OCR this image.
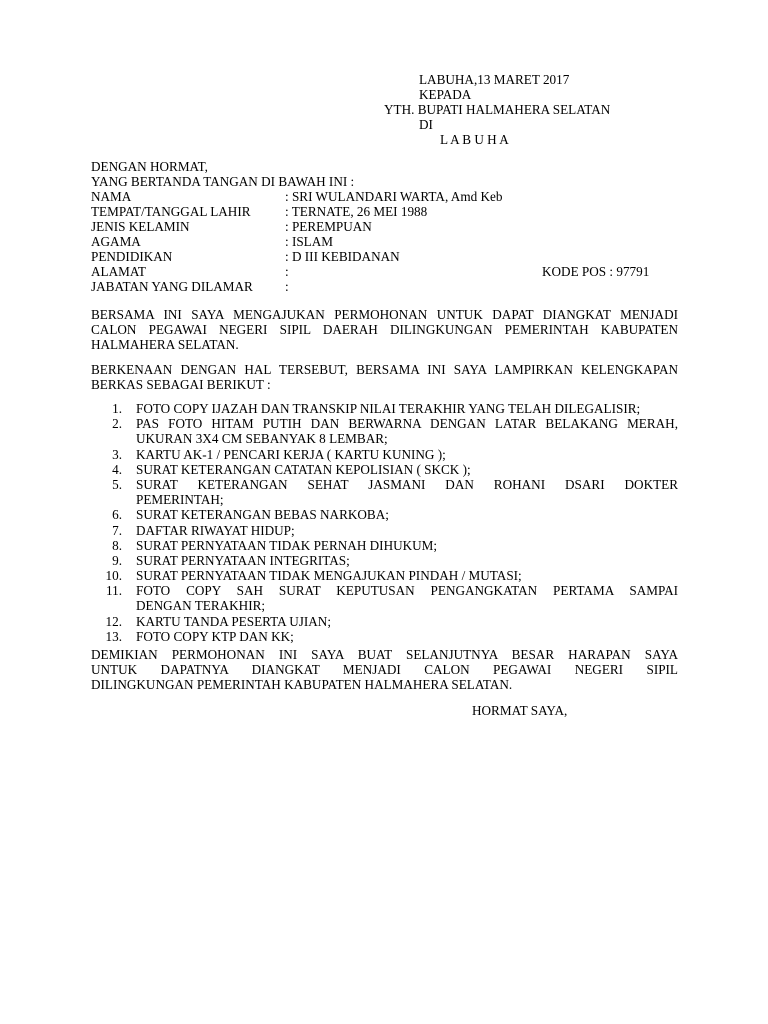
LABUHA,13 MARET 2017
KEPADA
YTH. BUPATI HALMAHERA SELATAN
DI
L A B U H A
DENGAN HORMAT,
YANG BERTANDA TANGAN DI BAWAH INI :
NAMA	: SRI WULANDARI WARTA, Amd Keb
TEMPAT/TANGGAL LAHIR	: TERNATE, 26 MEI 1988
JENIS KELAMIN	: PEREMPUAN
AGAMA	: ISLAM
PENDIDIKAN	: D III KEBIDANAN
ALAMAT	:	KODE POS : 97791
JABATAN YANG DILAMAR :
BERSAMA INI SAYA MENGAJUKAN PERMOHONAN UNTUK DAPAT DIANGKAT MENJADI
CALON PEGAWAI NEGERI SIPIL DAERAH DILINGKUNGAN PEMERINTAH KABUPATEN
HALMAHERA SELATAN.
BERKENAAN DENGAN HAL TERSEBUT, BERSAMA INI SAYA LAMPIRKAN KELENGKAPAN
BERKAS SEBAGAI BERIKUT :
1. FOTO COPY IJAZAH DAN TRANSKIP NILAI TERAKHIR YANG TELAH DILEGALISIR;
2. PAS FOTO HITAM PUTIH DAN BERWARNA DENGAN LATAR BELAKANG MERAH,
UKURAN 3X4 CM SEBANYAK 8 LEMBAR;
3. KARTU AK-1 / PENCARI KERJA ( KARTU KUNING );
4. SURAT KETERANGAN CATATAN KEPOLISIAN ( SKCK );
5. SURAT KETERANGAN SEHAT JASMANI DAN ROHANI DSARI DOKTER
PEMERINTAH;
6. SURAT KETERANGAN BEBAS NARKOBA;
7. DAFTAR RIWAYAT HIDUP;
8. SURAT PERNYATAAN TIDAK PERNAH DIHUKUM;
9. SURAT PERNYATAAN INTEGRITAS;
10. SURAT PERNYATAAN TIDAK MENGAJUKAN PINDAH / MUTASI;
11. FOTO COPY SAH SURAT KEPUTUSAN PENGANGKATAN PERTAMA SAMPAI
DENGAN TERAKHIR;
12. KARTU TANDA PESERTA UJIAN;
13. FOTO COPY KTP DAN KK;
DEMIKIAN PERMOHONAN INI SAYA BUAT SELANJUTNYA BESAR HARAPAN SAYA
UNTUK DAPATNYA DIANGKAT MENJADI CALON PEGAWAI NEGERI SIPIL
DILINGKUNGAN PEMERINTAH KABUPATEN HALMAHERA SELATAN.
HORMAT SAYA,
